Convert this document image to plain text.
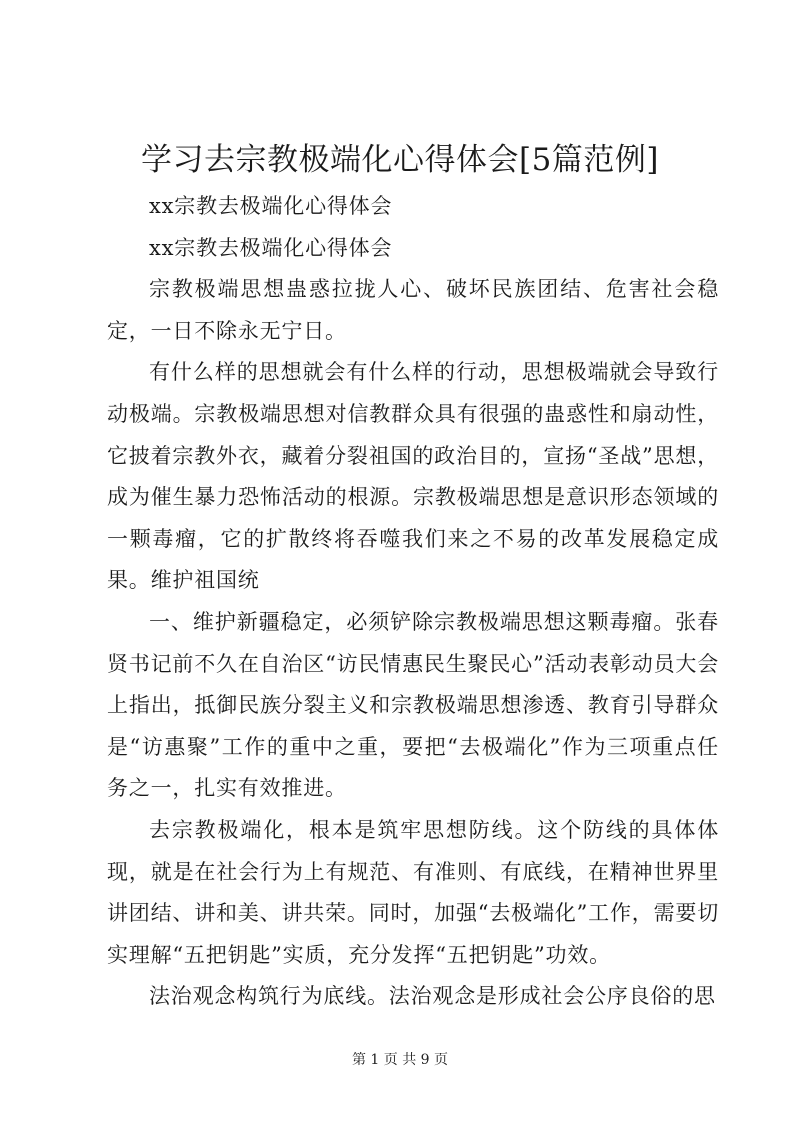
学习去宗教极端化心得体会[5篇范例]

xx宗教去极端化心得体会

xx宗教去极端化心得体会

宗教极端思想蛊惑拉拢人心、破坏民族团结、危害社会稳定，一日不除永无宁日。

有什么样的思想就会有什么样的行动，思想极端就会导致行动极端。宗教极端思想对信教群众具有很强的蛊惑性和扇动性，它披着宗教外衣，藏着分裂祖国的政治目的，宣扬“圣战”思想，成为催生暴力恐怖活动的根源。宗教极端思想是意识形态领域的一颗毒瘤，它的扩散终将吞噬我们来之不易的改革发展稳定成果。维护祖国统

一、维护新疆稳定，必须铲除宗教极端思想这颗毒瘤。张春贤书记前不久在自治区“访民情惠民生聚民心”活动表彰动员大会上指出，抵御民族分裂主义和宗教极端思想渗透、教育引导群众是“访惠聚”工作的重中之重，要把“去极端化”作为三项重点任务之一，扎实有效推进。

去宗教极端化，根本是筑牢思想防线。这个防线的具体体现，就是在社会行为上有规范、有准则、有底线，在精神世界里讲团结、讲和美、讲共荣。同时，加强“去极端化”工作，需要切实理解“五把钥匙”实质，充分发挥“五把钥匙”功效。

法治观念构筑行为底线。法治观念是形成社会公序良俗的思

第 1 页 共 9 页
